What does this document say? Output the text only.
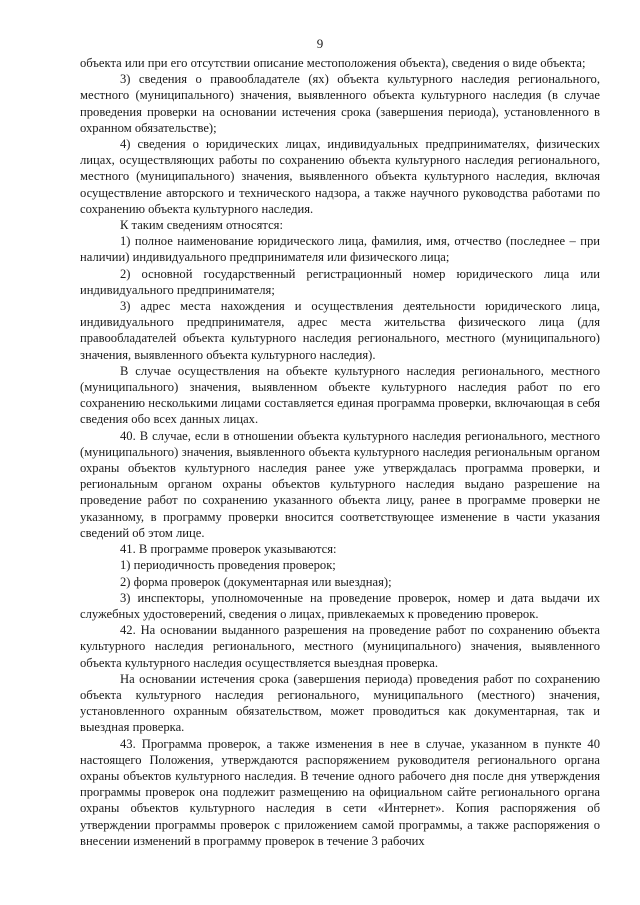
9

объекта или при его отсутствии описание местоположения объекта), сведения о виде объекта;

3) сведения о правообладателе (ях) объекта культурного наследия регионального, местного (муниципального) значения, выявленного объекта культурного наследия (в случае проведения проверки на основании истечения срока (завершения периода), установленного в охранном обязательстве);

4) сведения о юридических лицах, индивидуальных предпринимателях, физических лицах, осуществляющих работы по сохранению объекта культурного наследия регионального, местного (муниципального) значения, выявленного объекта культурного наследия, включая осуществление авторского и технического надзора, а также научного руководства работами по сохранению объекта культурного наследия.

К таким сведениям относятся:

1) полное наименование юридического лица, фамилия, имя, отчество (последнее – при наличии) индивидуального предпринимателя или физического лица;

2) основной государственный регистрационный номер юридического лица или индивидуального предпринимателя;

3) адрес места нахождения и осуществления деятельности юридического лица, индивидуального предпринимателя, адрес места жительства физического лица (для правообладателей объекта культурного наследия регионального, местного (муниципального) значения, выявленного объекта культурного наследия).

В случае осуществления на объекте культурного наследия регионального, местного (муниципального) значения, выявленном объекте культурного наследия работ по его сохранению несколькими лицами составляется единая программа проверки, включающая в себя сведения обо всех данных лицах.

40. В случае, если в отношении объекта культурного наследия регионального, местного (муниципального) значения, выявленного объекта культурного наследия региональным органом охраны объектов культурного наследия ранее уже утверждалась программа проверки, и региональным органом охраны объектов культурного наследия выдано разрешение на проведение работ по сохранению указанного объекта лицу, ранее в программе проверки не указанному, в программу проверки вносится соответствующее изменение в части указания сведений об этом лице.

41. В программе проверок указываются:

1) периодичность проведения проверок;

2) форма проверок (документарная или выездная);

3) инспекторы, уполномоченные на проведение проверок, номер и дата выдачи их служебных удостоверений, сведения о лицах, привлекаемых к проведению проверок.

42. На основании выданного разрешения на проведение работ по сохранению объекта культурного наследия регионального, местного (муниципального) значения, выявленного объекта культурного наследия осуществляется выездная проверка.

На основании истечения срока (завершения периода) проведения работ по сохранению объекта культурного наследия регионального, муниципального (местного) значения, установленного охранным обязательством, может проводиться как документарная, так и выездная проверка.

43. Программа проверок, а также изменения в нее в случае, указанном в пункте 40 настоящего Положения, утверждаются распоряжением руководителя регионального органа охраны объектов культурного наследия. В течение одного рабочего дня после дня утверждения программы проверок она подлежит размещению на официальном сайте регионального органа охраны объектов культурного наследия в сети «Интернет». Копия распоряжения об утверждении программы проверок с приложением самой программы, а также распоряжения о внесении изменений в программу проверок в течение 3 рабочих
